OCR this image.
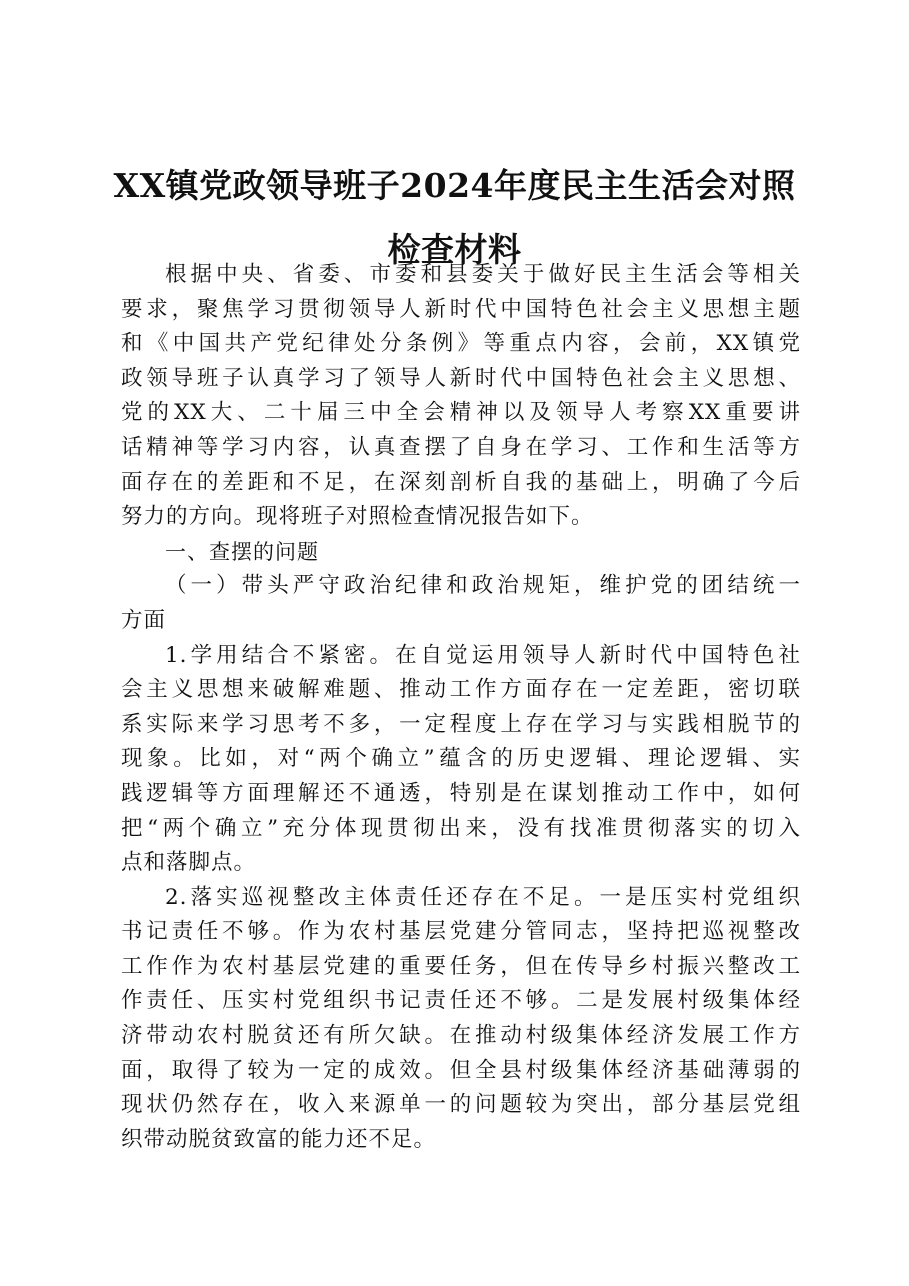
XX镇党政领导班子2024年度民主生活会对照
检查材料
根据中央、省委、市委和县委关于做好民主生活会等相关
要求，聚焦学习贯彻领导人新时代中国特色社会主义思想主题
和《中国共产党纪律处分条例》等重点内容，会前，XX镇党
政领导班子认真学习了领导人新时代中国特色社会主义思想、
党的XX大、二十届三中全会精神以及领导人考察XX重要讲
话精神等学习内容，认真查摆了自身在学习、工作和生活等方
面存在的差距和不足，在深刻剖析自我的基础上，明确了今后
努力的方向。现将班子对照检查情况报告如下。
一、查摆的问题
（一）带头严守政治纪律和政治规矩，维护党的团结统一
方面
1.学用结合不紧密。在自觉运用领导人新时代中国特色社
会主义思想来破解难题、推动工作方面存在一定差距，密切联
系实际来学习思考不多，一定程度上存在学习与实践相脱节的
现象。比如，对“两个确立”蕴含的历史逻辑、理论逻辑、实
践逻辑等方面理解还不通透，特别是在谋划推动工作中，如何
把“两个确立”充分体现贯彻出来，没有找准贯彻落实的切入
点和落脚点。
2.落实巡视整改主体责任还存在不足。一是压实村党组织
书记责任不够。作为农村基层党建分管同志，坚持把巡视整改
工作作为农村基层党建的重要任务，但在传导乡村振兴整改工
作责任、压实村党组织书记责任还不够。二是发展村级集体经
济带动农村脱贫还有所欠缺。在推动村级集体经济发展工作方
面，取得了较为一定的成效。但全县村级集体经济基础薄弱的
现状仍然存在，收入来源单一的问题较为突出，部分基层党组
织带动脱贫致富的能力还不足。
